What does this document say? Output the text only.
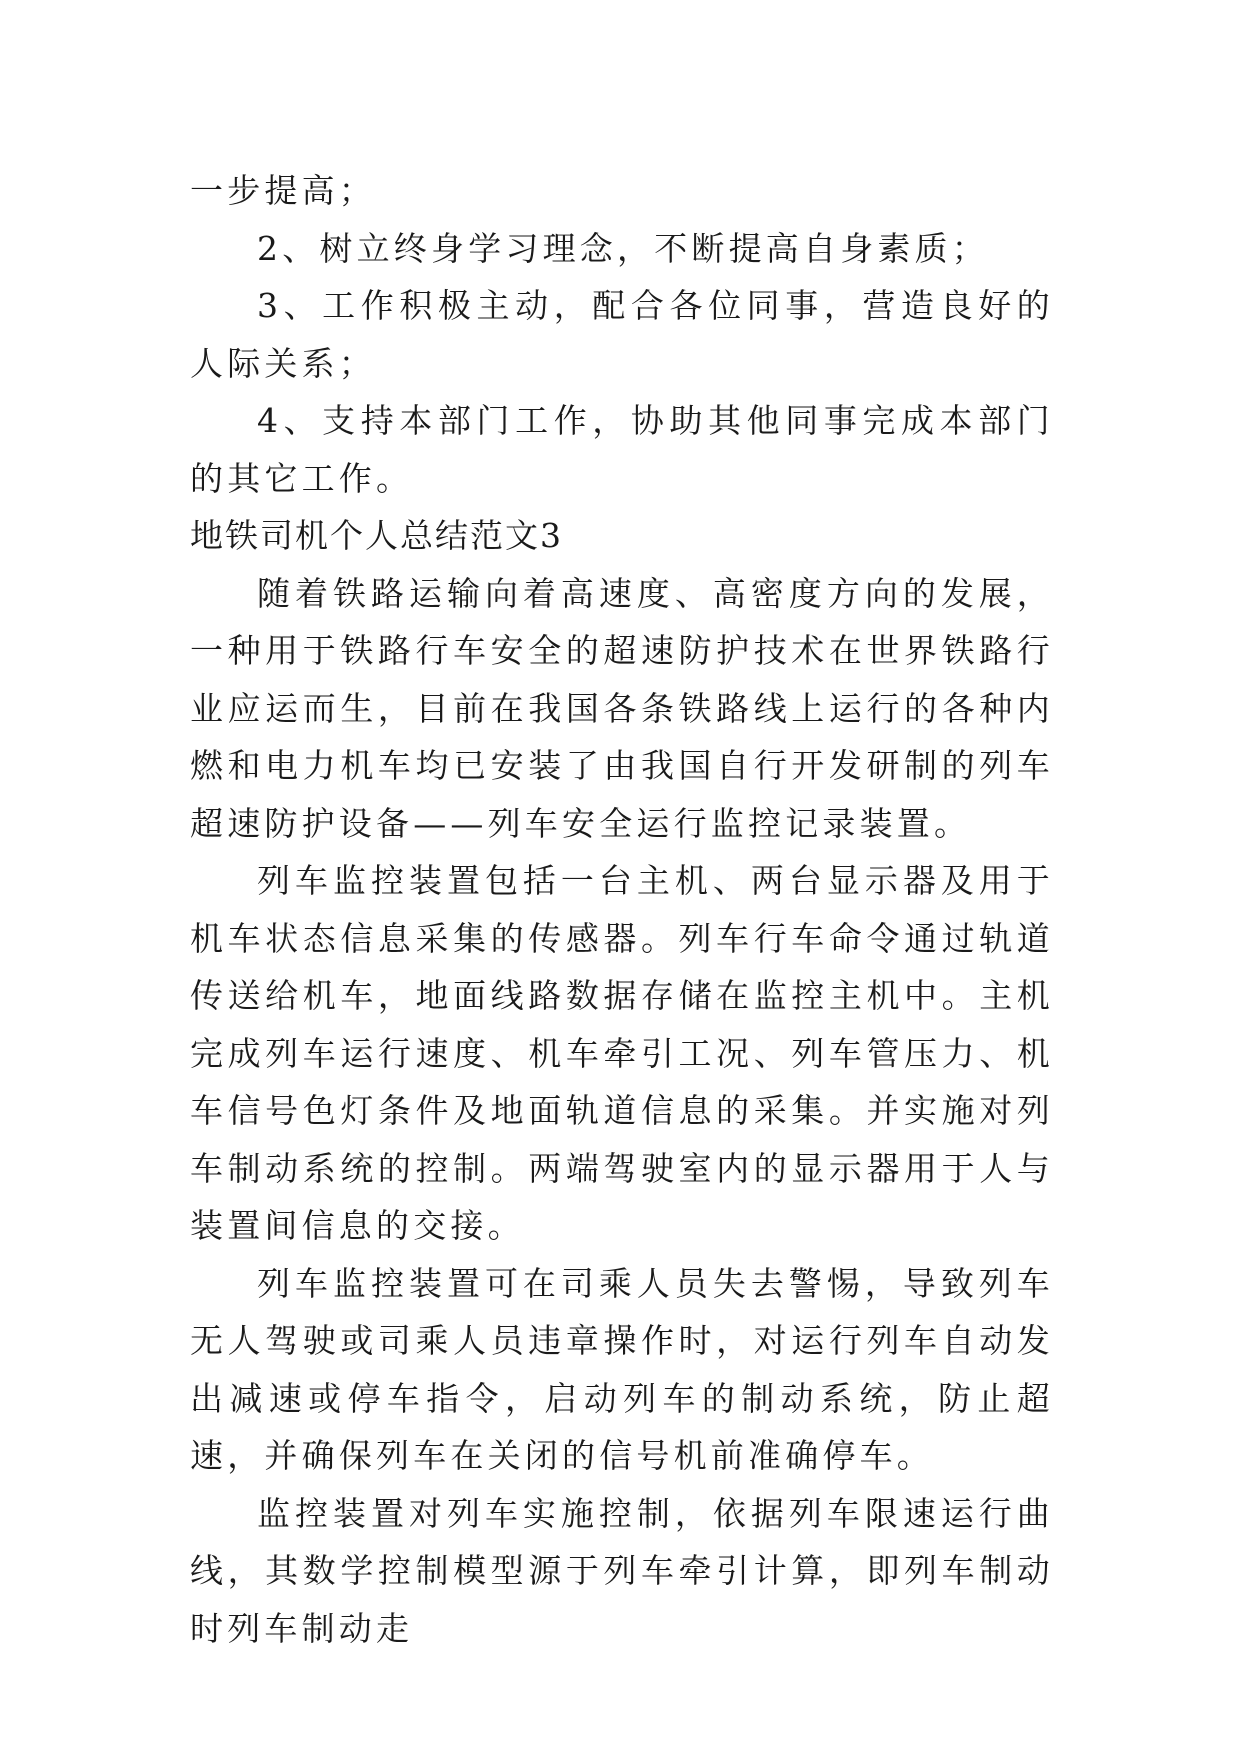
一步提高；

2、树立终身学习理念，不断提高自身素质；

3、工作积极主动，配合各位同事，营造良好的人际关系；

4、支持本部门工作，协助其他同事完成本部门的其它工作。

地铁司机个人总结范文3

随着铁路运输向着高速度、高密度方向的发展，一种用于铁路行车安全的超速防护技术在世界铁路行业应运而生，目前在我国各条铁路线上运行的各种内燃和电力机车均已安装了由我国自行开发研制的列车超速防护设备——列车安全运行监控记录装置。

列车监控装置包括一台主机、两台显示器及用于机车状态信息采集的传感器。列车行车命令通过轨道传送给机车，地面线路数据存储在监控主机中。主机完成列车运行速度、机车牵引工况、列车管压力、机车信号色灯条件及地面轨道信息的采集。并实施对列车制动系统的控制。两端驾驶室内的显示器用于人与装置间信息的交接。

列车监控装置可在司乘人员失去警惕，导致列车无人驾驶或司乘人员违章操作时，对运行列车自动发出减速或停车指令，启动列车的制动系统，防止超速，并确保列车在关闭的信号机前准确停车。

监控装置对列车实施控制，依据列车限速运行曲线，其数学控制模型源于列车牵引计算，即列车制动时列车制动走
